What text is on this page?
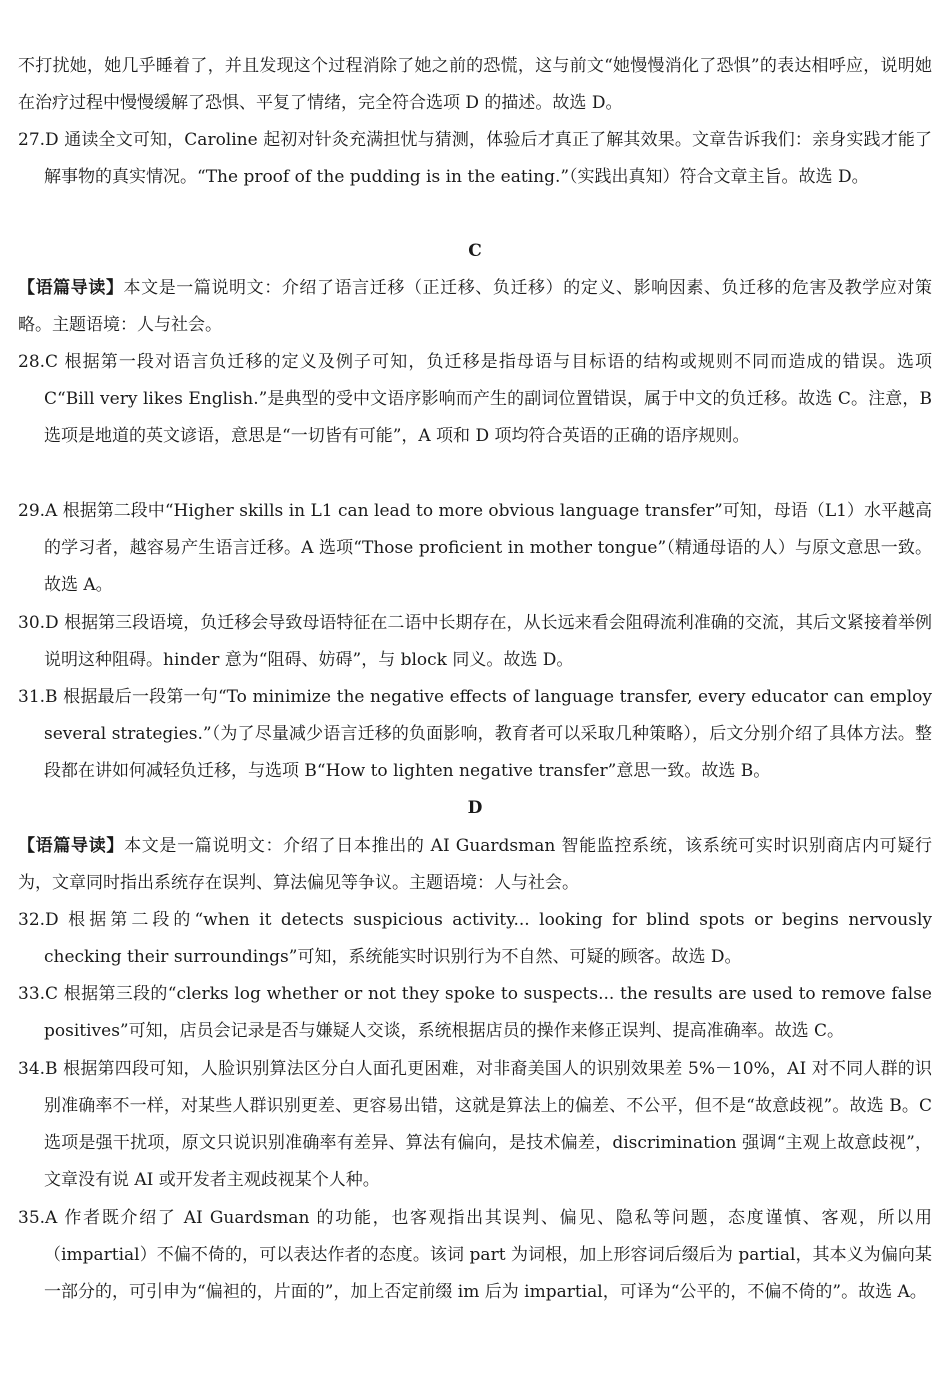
不打扰她，她几乎睡着了，并且发现这个过程消除了她之前的恐慌，这与前文“她慢慢消化了恐惧”的表达相呼应，说明她在治疗过程中慢慢缓解了恐惧、平复了情绪，完全符合选项 D 的描述。故选 D。
27.D 通读全文可知，Caroline 起初对针灸充满担忧与猜测，体验后才真正了解其效果。文章告诉我们：亲身实践才能了解事物的真实情况。“The proof of the pudding is in the eating.”（实践出真知）符合文章主旨。故选 D。
C
【语篇导读】本文是一篇说明文：介绍了语言迁移（正迁移、负迁移）的定义、影响因素、负迁移的危害及教学应对策略。主题语境：人与社会。
28.C 根据第一段对语言负迁移的定义及例子可知，负迁移是指母语与目标语的结构或规则不同而造成的错误。选项 C“Bill very likes English.”是典型的受中文语序影响而产生的副词位置错误，属于中文的负迁移。故选 C。注意，B 选项是地道的英文谚语，意思是“一切皆有可能”，A 项和 D 项均符合英语的正确的语序规则。
29.A 根据第二段中“Higher skills in L1 can lead to more obvious language transfer”可知，母语（L1）水平越高的学习者，越容易产生语言迁移。A 选项“Those proficient in mother tongue”（精通母语的人）与原文意思一致。故选 A。
30.D 根据第三段语境，负迁移会导致母语特征在二语中长期存在，从长远来看会阻碍流利准确的交流，其后文紧接着举例说明这种阻碍。hinder 意为“阻碍、妨碍”，与 block 同义。故选 D。
31.B 根据最后一段第一句“To minimize the negative effects of language transfer, every educator can employ several strategies.”（为了尽量减少语言迁移的负面影响，教育者可以采取几种策略），后文分别介绍了具体方法。整段都在讲如何减轻负迁移，与选项 B“How to lighten negative transfer”意思一致。故选 B。
D
【语篇导读】本文是一篇说明文：介绍了日本推出的 AI Guardsman 智能监控系统，该系统可实时识别商店内可疑行为，文章同时指出系统存在误判、算法偏见等争议。主题语境：人与社会。
32.D 根据第二段的“when it detects suspicious activity... looking for blind spots or begins nervously checking their surroundings”可知，系统能实时识别行为不自然、可疑的顾客。故选 D。
33.C 根据第三段的“clerks log whether or not they spoke to suspects... the results are used to remove false positives”可知，店员会记录是否与嫌疑人交谈，系统根据店员的操作来修正误判、提高准确率。故选 C。
34.B 根据第四段可知，人脸识别算法区分白人面孔更困难，对非裔美国人的识别效果差 5%－10%，AI 对不同人群的识别准确率不一样，对某些人群识别更差、更容易出错，这就是算法上的偏差、不公平，但不是“故意歧视”。故选 B。C 选项是强干扰项，原文只说识别准确率有差异、算法有偏向，是技术偏差，discrimination 强调“主观上故意歧视”，文章没有说 AI 或开发者主观歧视某个人种。
35.A 作者既介绍了 AI Guardsman 的功能，也客观指出其误判、偏见、隐私等问题，态度谨慎、客观，所以用（impartial）不偏不倚的，可以表达作者的态度。该词 part 为词根，加上形容词后缀后为 partial，其本义为偏向某一部分的，可引申为“偏袒的，片面的”，加上否定前缀 im 后为 impartial，可译为“公平的，不偏不倚的”。故选 A。
